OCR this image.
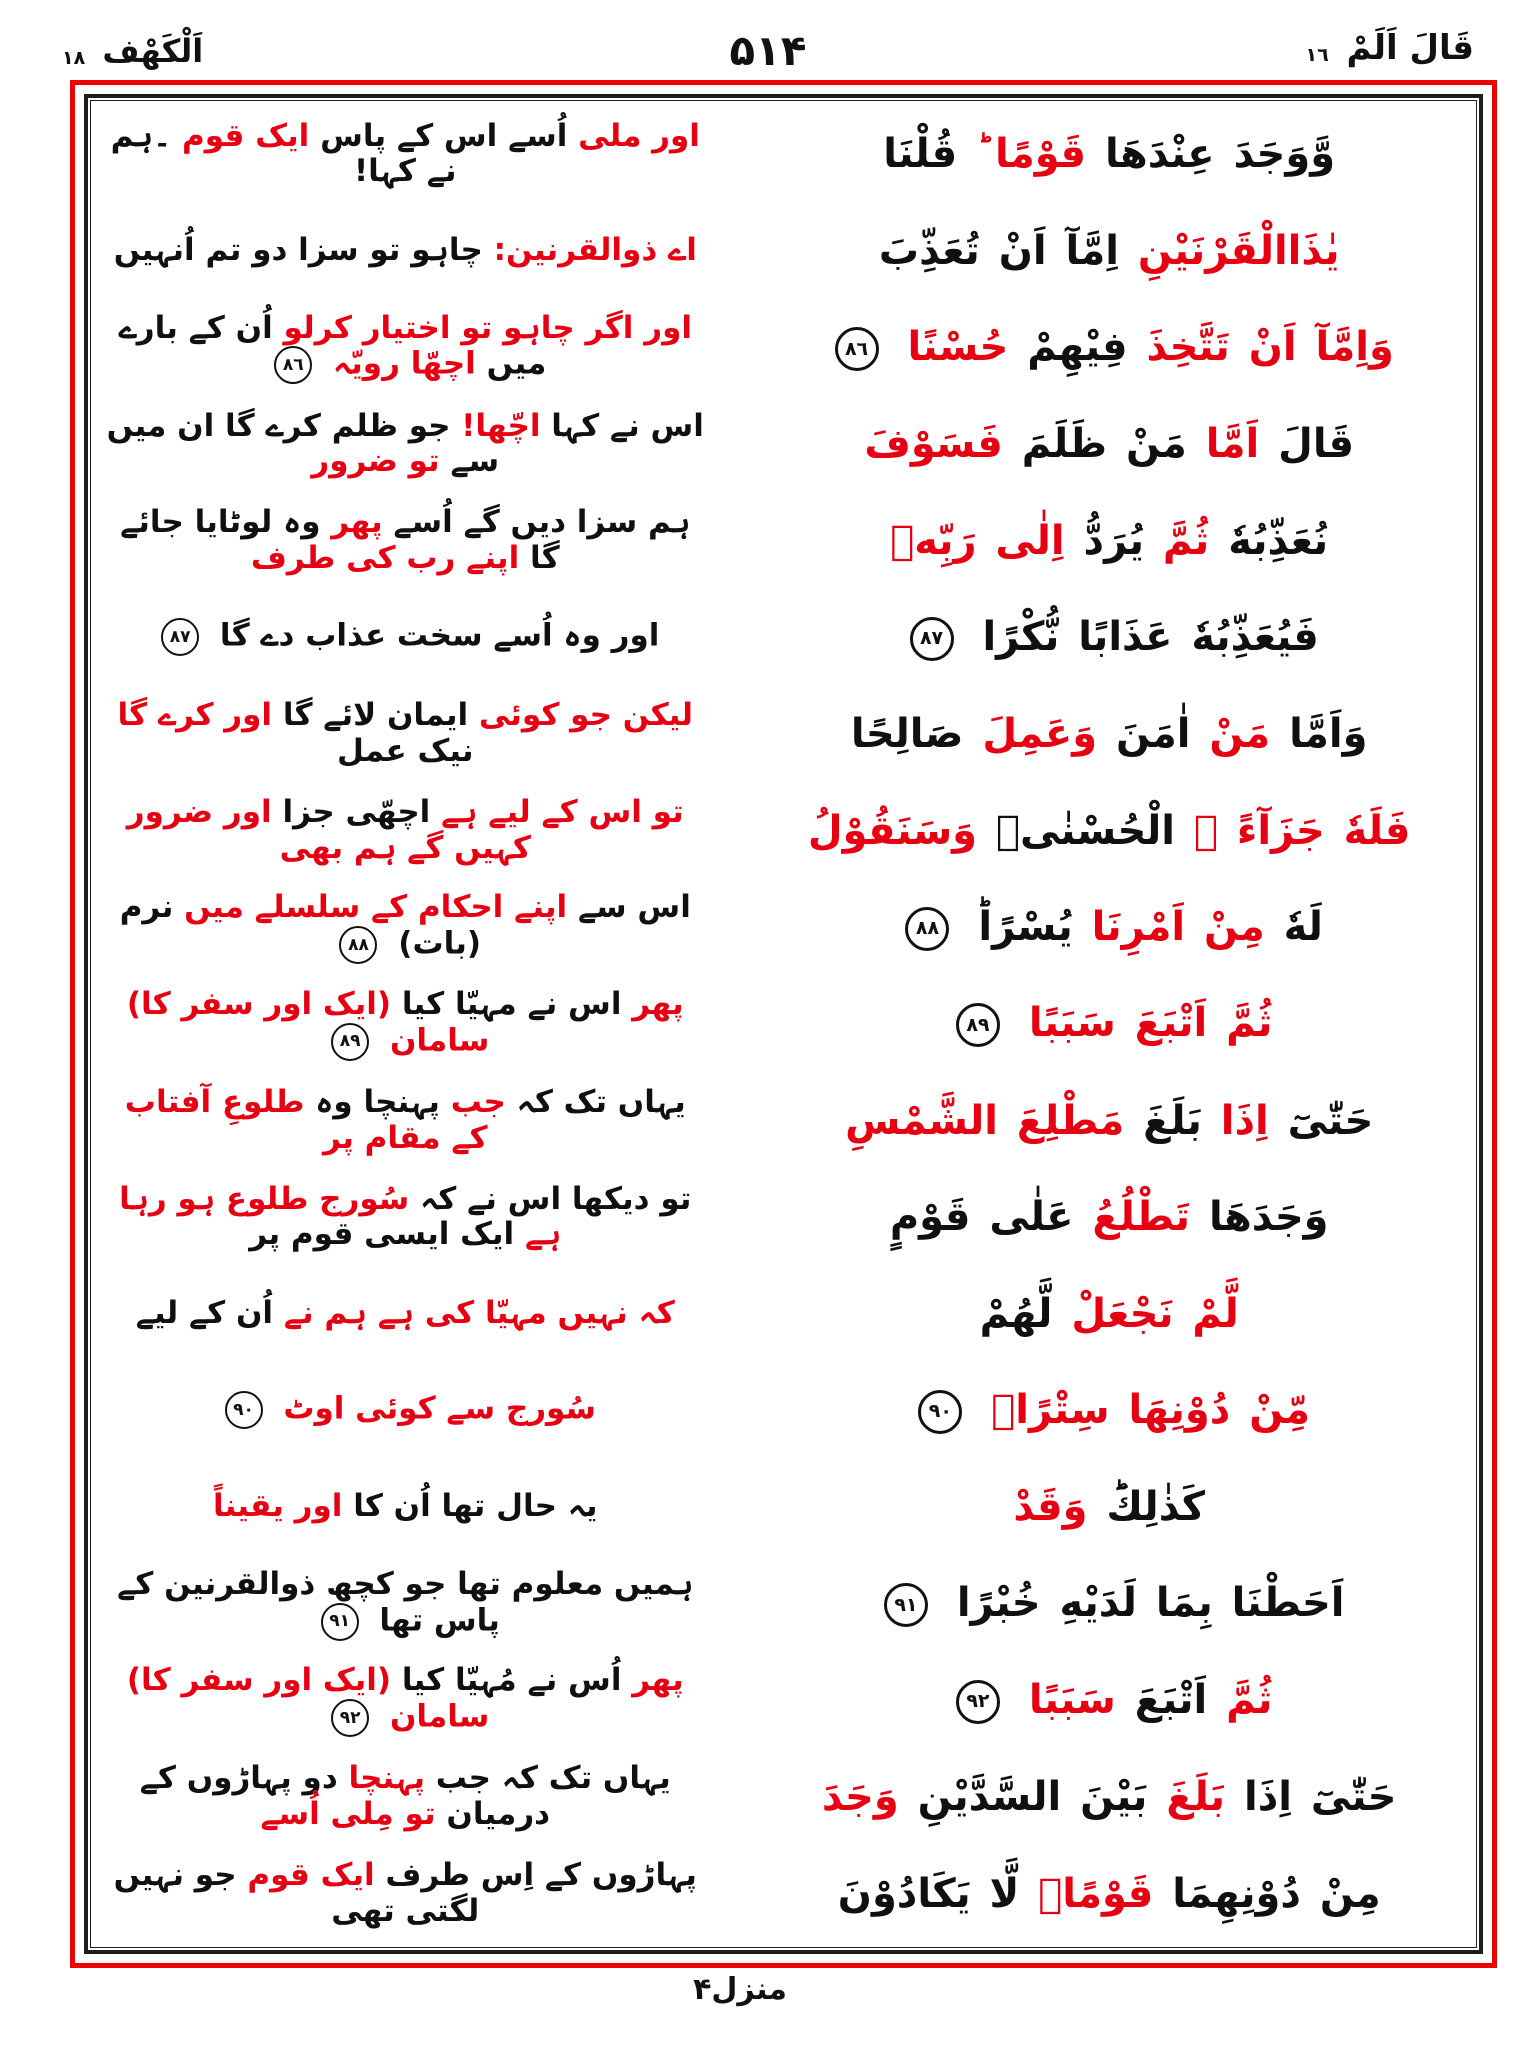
قَالَ اَلَمْ ١٦
۵۱۴
اَلْكَهْف ١٨
اور ملی اُسے اس کے پاس ایک قوم ۔ہم نے کہا!	وَّوَجَدَ عِنْدَهَا قَوْمًا ؕ قُلْنَا
اے ذوالقرنین: چاہو تو سزا دو تم اُنہیں	يٰذَاالْقَرْنَيْنِ اِمَّآ اَنْ تُعَذِّبَ
اور اگر چاہو تو اختیار کرلو اُن کے بارے میں اچھّا رویّہ ٨٦	وَاِمَّآ اَنْ تَتَّخِذَ فِيْهِمْ حُسْنًا ٨٦
اس نے کہا اچّھا! جو ظلم کرے گا ان میں سے تو ضرور	قَالَ اَمَّا مَنْ ظَلَمَ فَسَوْفَ
ہم سزا دیں گے اُسے پھر وہ لوٹایا جائے گا اپنے رب کی طرف	نُعَذِّبُهٗ ثُمَّ يُرَدُّ اِلٰى رَبِّهٖ
اور وہ اُسے سخت عذاب دے گا ٨٧	فَيُعَذِّبُهٗ عَذَابًا نُّكْرًا ٨٧
لیکن جو کوئی ایمان لائے گا اور کرے گا نیک عمل	وَاَمَّا مَنْ اٰمَنَ وَعَمِلَ صَالِحًا
تو اس کے لیے ہے اچھّی جزا اور ضرور کہیں گے ہم بھی	فَلَهٗ جَزَآءً ۨ الْحُسْنٰىۚ وَسَنَقُوْلُ
اس سے اپنے احکام کے سلسلے میں نرم (بات) ٨٨	لَهٗ مِنْ اَمْرِنَا يُسْرًاؕ ٨٨
پھر اس نے مہیّا کیا (ایک اور سفر کا) سامان ٨٩	ثُمَّ اَتْبَعَ سَبَبًا ٨٩
یہاں تک کہ جب پہنچا وہ طلوعِ آفتاب کے مقام پر	حَتّٰىٓ اِذَا بَلَغَ مَطْلِعَ الشَّمْسِ
تو دیکھا اس نے کہ سُورج طلوع ہو رہا ہے ایک ایسی قوم پر	وَجَدَهَا تَطْلُعُ عَلٰى قَوْمٍ
کہ نہیں مہیّا کی ہے ہم نے اُن کے لیے	لَّمْ نَجْعَلْ لَّهُمْ
سُورج سے کوئی اوٹ ٩٠	مِّنْ دُوْنِهَا سِتْرًاۙ ٩٠
یہ حال تھا اُن کا اور یقیناً	كَذٰلِكَؕ وَقَدْ
ہمیں معلوم تھا جو کچھ ذوالقرنین کے پاس تھا ٩١	اَحَطْنَا بِمَا لَدَيْهِ خُبْرًا ٩١
پھر اُس نے مُہیّا کیا (ایک اور سفر کا) سامان ٩٢	ثُمَّ اَتْبَعَ سَبَبًا ٩٢
یہاں تک کہ جب پہنچا دو پہاڑوں کے درمیان تو مِلی اُسے	حَتّٰىٓ اِذَا بَلَغَ بَيْنَ السَّدَّيْنِ وَجَدَ
پہاڑوں کے اِس طرف ایک قوم جو نہیں لگتی تھی	مِنْ دُوْنِهِمَا قَوْمًاۙ لَّا يَكَادُوْنَ
منزل۴
